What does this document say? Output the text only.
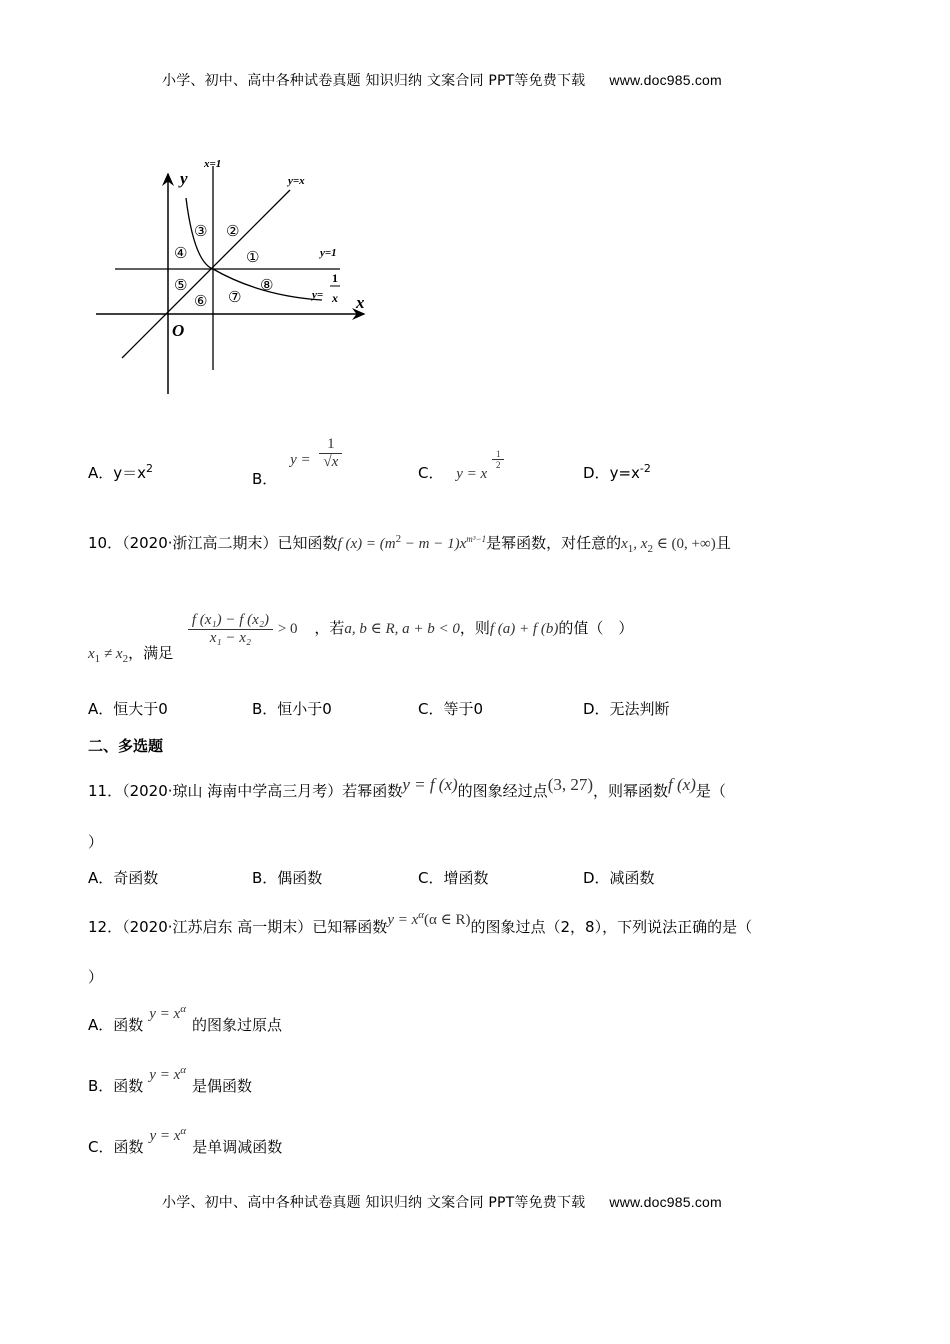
小学、初中、高中各种试卷真题 知识归纳 文案合同 PPT等免费下载 www.doc985.com
y
x
O
x=1
y=x
y=1
y=
1
x
③ ②
④	①
⑤	⑧
⑥ ⑦
A．$y=x^2$
B． $y = \frac{1}{√x}$
C． y = x
$\frac{1}{2}$
D．$y=x^{-2}$
10．（2020·浙江高二期末）已知函数f $(x) = (m^2 - m - 1)x^{m^3-1}$是幂函数，对任意的$x_1$, $x_2$ ∈ (0, +∞)且
$x_1 \ne x_2$，满足
$\frac{\text{f (x₁) − f (x₂)}}{\text{x₁ − x₂}} > 0$ ，若a, b ∈ R, a + b < 0，则f (a) + f (b)的值（　）
A．恒大于0	B．恒小于0	C．等于0	D．无法判断
二、多选题
11．（2020·琼山 海南中学高三月考）若幂函数y = f (x)的图象经过点(3, 27)，则幂函数f (x)是（
）
A．奇函数	B．偶函数	C．增函数	D．减函数
12．（2020·江苏启东 高一期末）已知幂函数$y = x^\alpha(\alpha$ ∈ R)的图象过点（2，8），下列说法正确的是（
）
A．函数$y = x^\alpha$的图象过原点
B．函数$y = x^\alpha$是偶函数
C．函数$y = x^\alpha$是单调减函数
小学、初中、高中各种试卷真题 知识归纳 文案合同 PPT等免费下载 www.doc985.com
